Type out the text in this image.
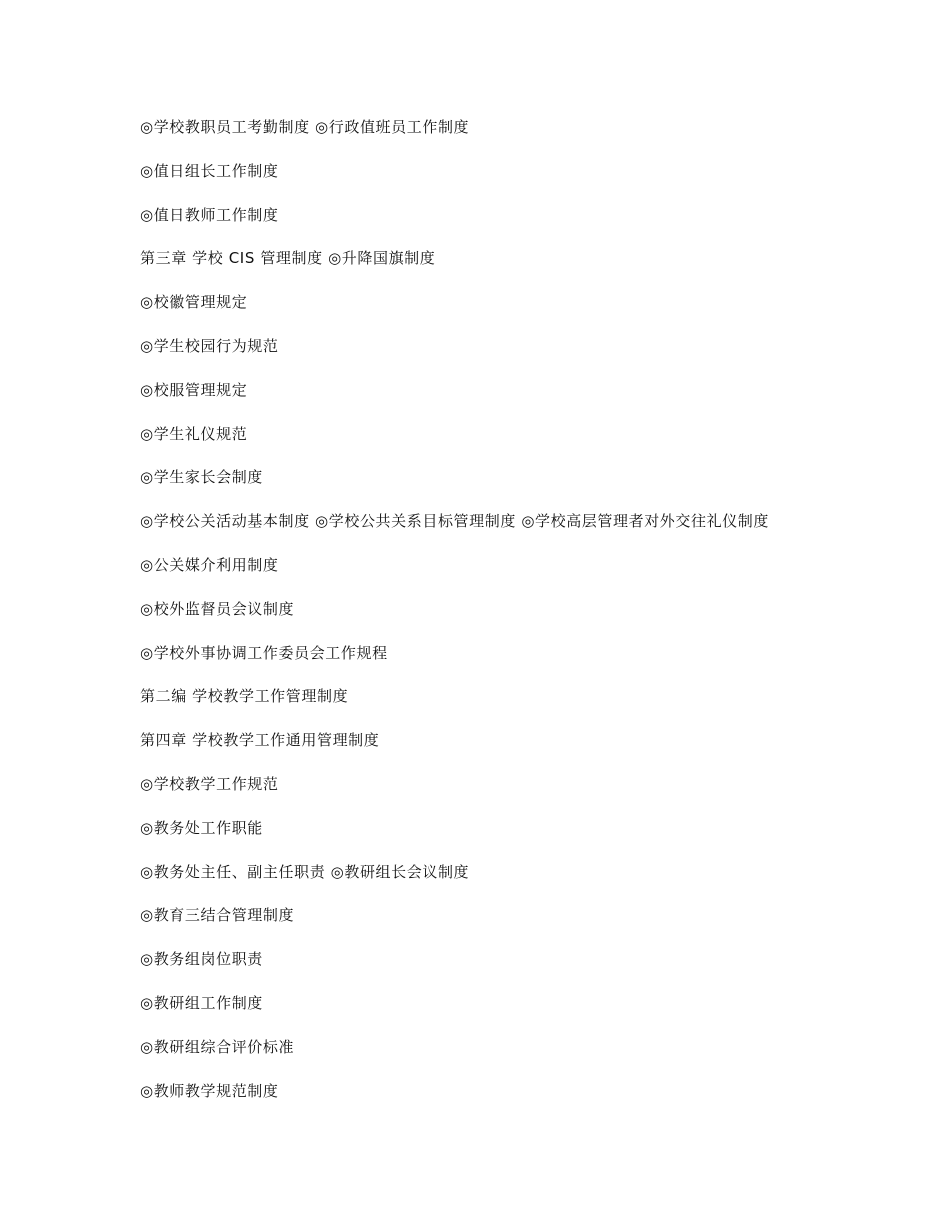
◎学校教职员工考勤制度 ◎行政值班员工作制度
◎值日组长工作制度
◎值日教师工作制度
第三章 学校 CIS 管理制度 ◎升降国旗制度
◎校徽管理规定
◎学生校园行为规范
◎校服管理规定
◎学生礼仪规范
◎学生家长会制度
◎学校公关活动基本制度 ◎学校公共关系目标管理制度 ◎学校高层管理者对外交往礼仪制度
◎公关媒介利用制度
◎校外监督员会议制度
◎学校外事协调工作委员会工作规程
第二编 学校教学工作管理制度
第四章 学校教学工作通用管理制度
◎学校教学工作规范
◎教务处工作职能
◎教务处主任、副主任职责 ◎教研组长会议制度
◎教育三结合管理制度
◎教务组岗位职责
◎教研组工作制度
◎教研组综合评价标准
◎教师教学规范制度
